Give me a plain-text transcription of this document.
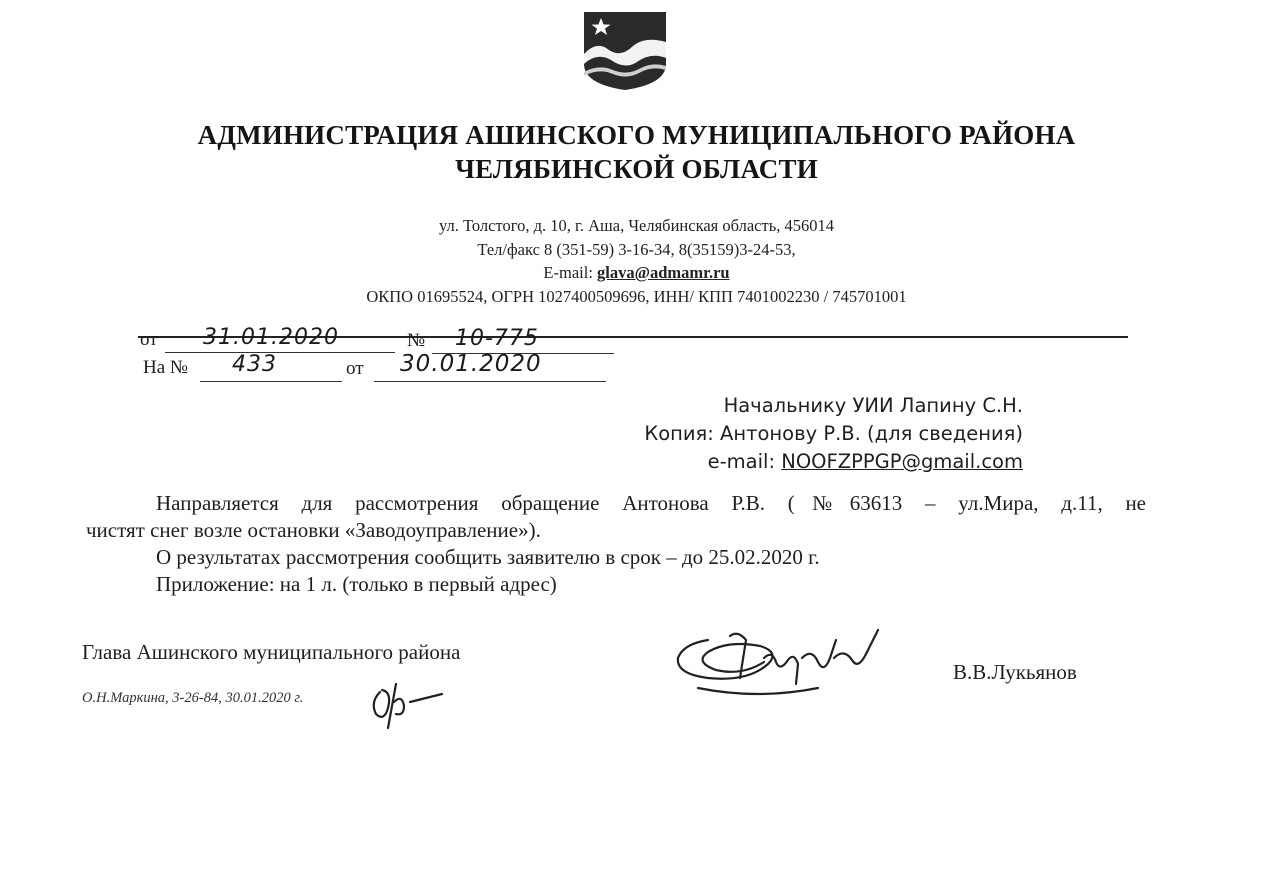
АДМИНИСТРАЦИЯ АШИНСКОГО МУНИЦИПАЛЬНОГО РАЙОНА
ЧЕЛЯБИНСКОЙ ОБЛАСТИ
ул. Толстого, д. 10, г. Аша, Челябинская область, 456014
Тел/факс 8 (351-59) 3-16-34, 8(35159)3-24-53,
E-mail: glava@admamr.ru
ОКПО 01695524, ОГРН 1027400509696, ИНН/ КПП 7401002230 / 745701001
от 31.01.2020	№ 10-775
На № 433	от 30.01.2020
Начальнику УИИ Лапину С.Н.
Копия: Антонову Р.В. (для сведения)
e-mail: NOOFZPPGP@gmail.com

Направляется для рассмотрения обращение Антонова Р.В. (№63613 – ул.Мира, д.11, не

чистят снег возле остановки «Заводоуправление»).

О результатах рассмотрения сообщить заявителю в срок – до 25.02.2020 г.

Приложение: на 1 л. (только в первый адрес)

Глава Ашинского муниципального района
В.В.Лукьянов
О.Н.Маркина, 3-26-84, 30.01.2020 г.
